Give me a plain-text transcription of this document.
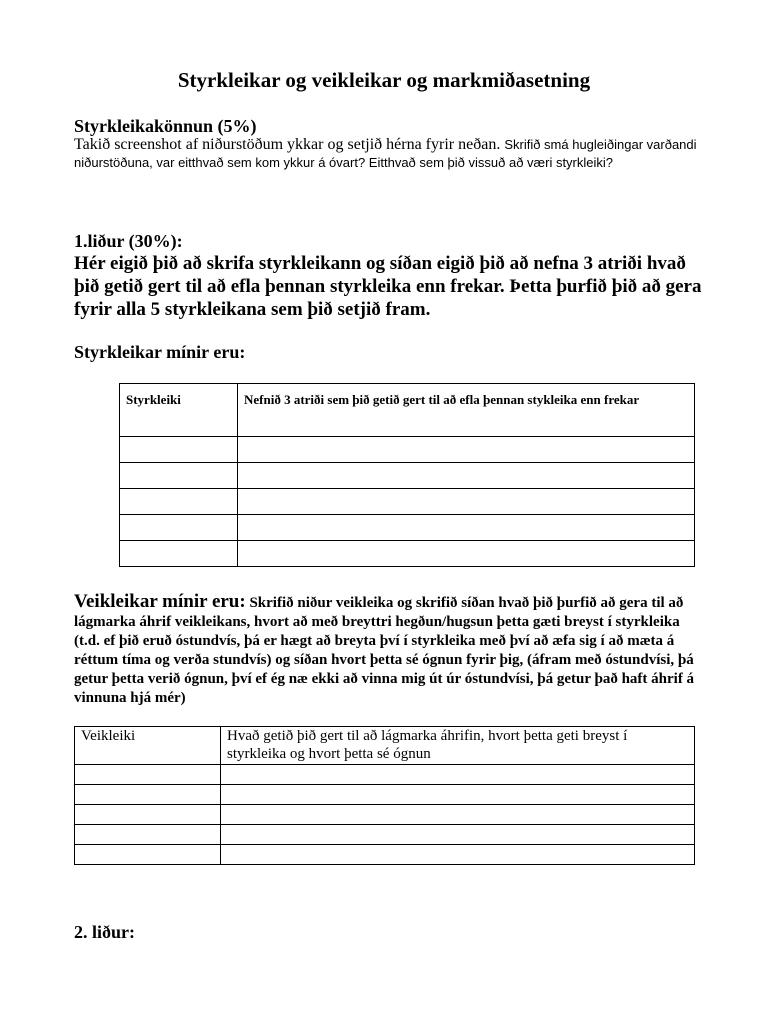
Styrkleikar og veikleikar og markmiðasetning
Styrkleikakönnun (5%)
Takið screenshot af niðurstöðum ykkar og setjið hérna fyrir neðan. Skrifið smá hugleiðingar varðandi niðurstöðuna, var eitthvað sem kom ykkur á óvart? Eitthvað sem þið vissuð að væri styrkleiki?
1.liður (30%):
Hér eigið þið að skrifa styrkleikann og síðan eigið þið að nefna 3 atriði hvað þið getið gert til að efla þennan styrkleika enn frekar. Þetta þurfið þið að gera fyrir alla 5 styrkleikana sem þið setjið fram.
Styrkleikar mínir eru:
Styrkleiki	Nefnið 3 atriði sem þið getið gert til að efla þennan stykleika enn frekar

Veikleikar mínir eru: Skrifið niður veikleika og skrifið síðan hvað þið þurfið að gera til að lágmarka áhrif veikleikans, hvort að með breyttri hegðun/hugsun þetta gæti breyst í styrkleika (t.d. ef þið eruð óstundvís, þá er hægt að breyta því í styrkleika með því að æfa sig í að mæta á réttum tíma og verða stundvís) og síðan hvort þetta sé ógnun fyrir þig, (áfram með óstundvísi, þá getur þetta verið ógnun, því ef ég næ ekki að vinna mig út úr óstundvísi, þá getur það haft áhrif á vinnuna hjá mér)
Veikleiki	Hvað getið þið gert til að lágmarka áhrifin, hvort þetta geti breyst í styrkleika og hvort þetta sé ógnun

2. liður:
